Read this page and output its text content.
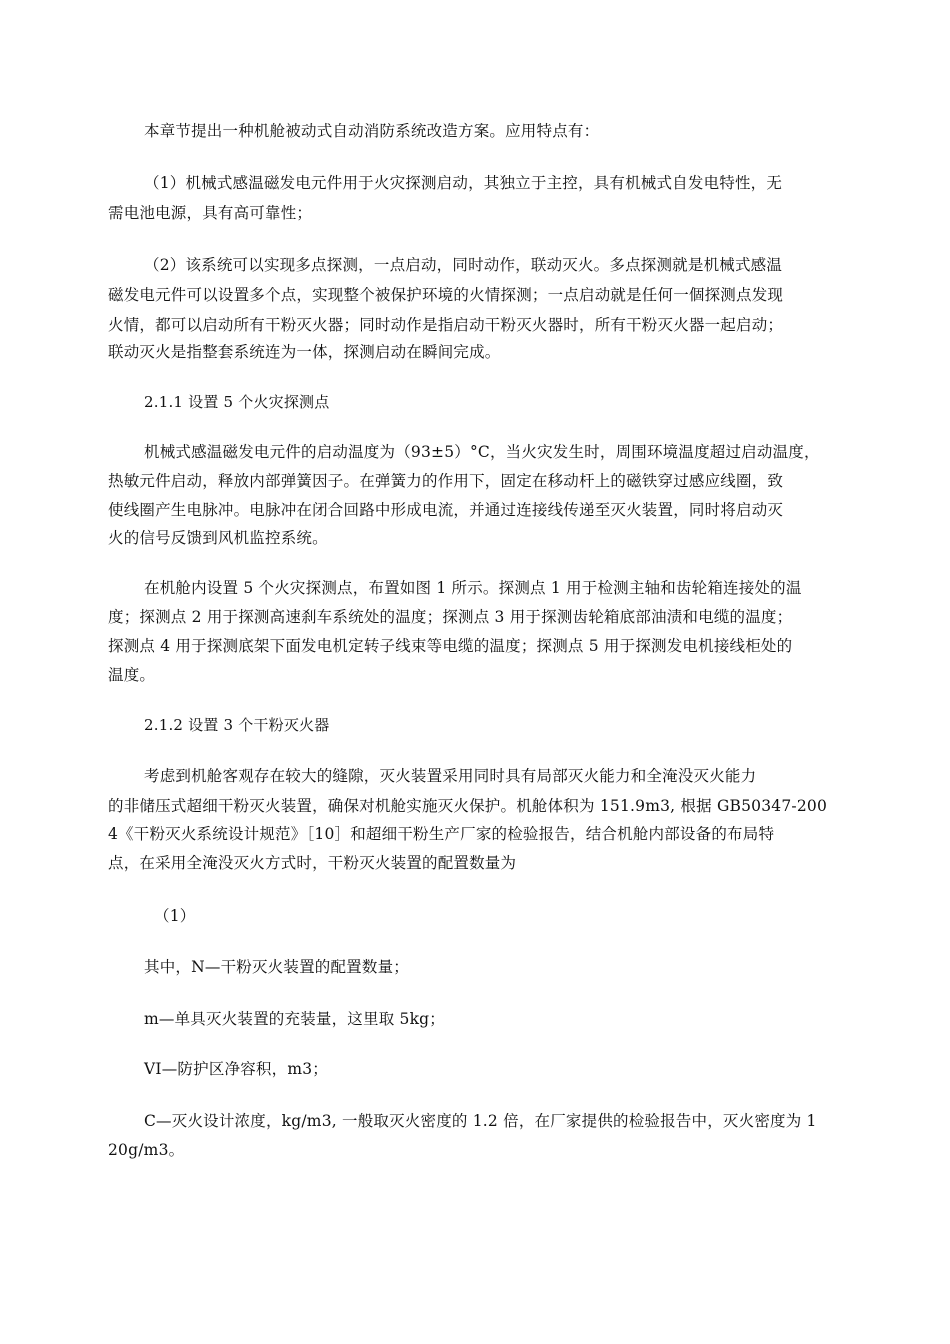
本章节提出一种机舱被动式自动消防系统改造方案。应用特点有：
（1）机械式感温磁发电元件用于火灾探测启动，其独立于主控，具有机械式自发电特性，无
需电池电源，具有高可靠性；
（2）该系统可以实现多点探测，一点启动，同时动作，联动灭火。多点探测就是机械式感温
磁发电元件可以设置多个点，实现整个被保护环境的火情探测；一点启动就是任何一個探测点发现
火情，都可以启动所有干粉灭火器；同时动作是指启动干粉灭火器时，所有干粉灭火器一起启动；
联动灭火是指整套系统连为一体，探测启动在瞬间完成。
2.1.1 设置 5 个火灾探测点
机械式感温磁发电元件的启动温度为（93±5）°C，当火灾发生时，周围环境温度超过启动温度，
热敏元件启动，释放内部弹簧因子。在弹簧力的作用下，固定在移动杆上的磁铁穿过感应线圈，致
使线圈产生电脉冲。电脉冲在闭合回路中形成电流，并通过连接线传递至灭火装置，同时将启动灭
火的信号反馈到风机监控系统。
在机舱内设置 5 个火灾探测点，布置如图 1 所示。探测点 1 用于检测主轴和齿轮箱连接处的温
度；探测点 2 用于探测高速刹车系统处的温度；探测点 3 用于探测齿轮箱底部油渍和电缆的温度；
探测点 4 用于探测底架下面发电机定转子线束等电缆的温度；探测点 5 用于探测发电机接线柜处的
温度。
2.1.2 设置 3 个干粉灭火器
考虑到机舱客观存在较大的缝隙，灭火装置采用同时具有局部灭火能力和全淹没灭火能力
的非储压式超细干粉灭火装置，确保对机舱实施灭火保护。机舱体积为 151.9m3, 根据 GB50347-200
4《干粉灭火系统设计规范》［10］和超细干粉生产厂家的检验报告，结合机舱内部设备的布局特
点，在采用全淹没灭火方式时，干粉灭火装置的配置数量为
（1）
其中，N—干粉灭火装置的配置数量；
m—单具灭火装置的充装量，这里取 5kg；
VI—防护区净容积，m3；
C—灭火设计浓度，kg/m3, 一般取灭火密度的 1.2 倍，在厂家提供的检验报告中，灭火密度为 1
20g/m3。
